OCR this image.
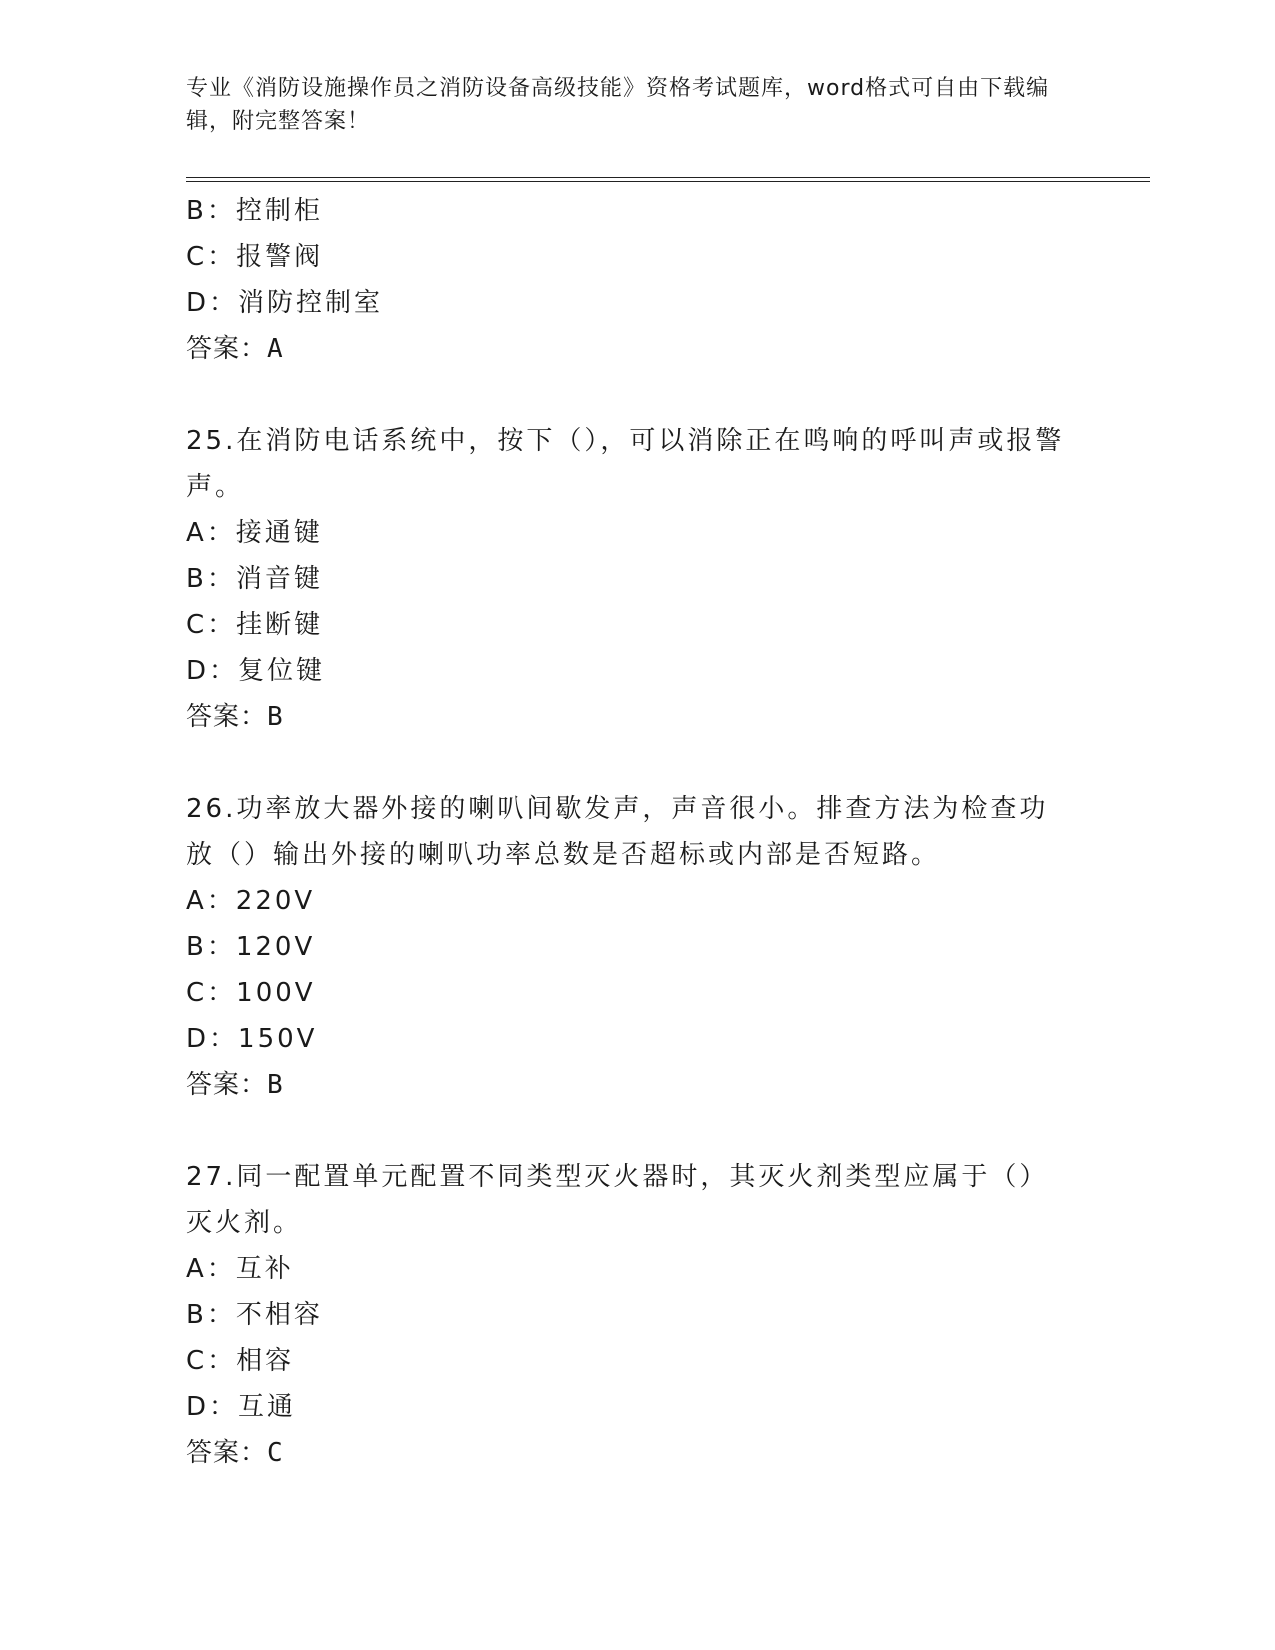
专业《消防设施操作员之消防设备高级技能》资格考试题库，word格式可自由下载编辑，附完整答案！
B：控制柜
C：报警阀
D：消防控制室
答案：A
25.在消防电话系统中，按下（），可以消除正在鸣响的呼叫声或报警声。
A：接通键
B：消音键
C：挂断键
D：复位键
答案：B
26.功率放大器外接的喇叭间歇发声，声音很小。排查方法为检查功放（）输出外接的喇叭功率总数是否超标或内部是否短路。
A：220V
B：120V
C：100V
D：150V
答案：B
27.同一配置单元配置不同类型灭火器时，其灭火剂类型应属于（）灭火剂。
A：互补
B：不相容
C：相容
D：互通
答案：C
